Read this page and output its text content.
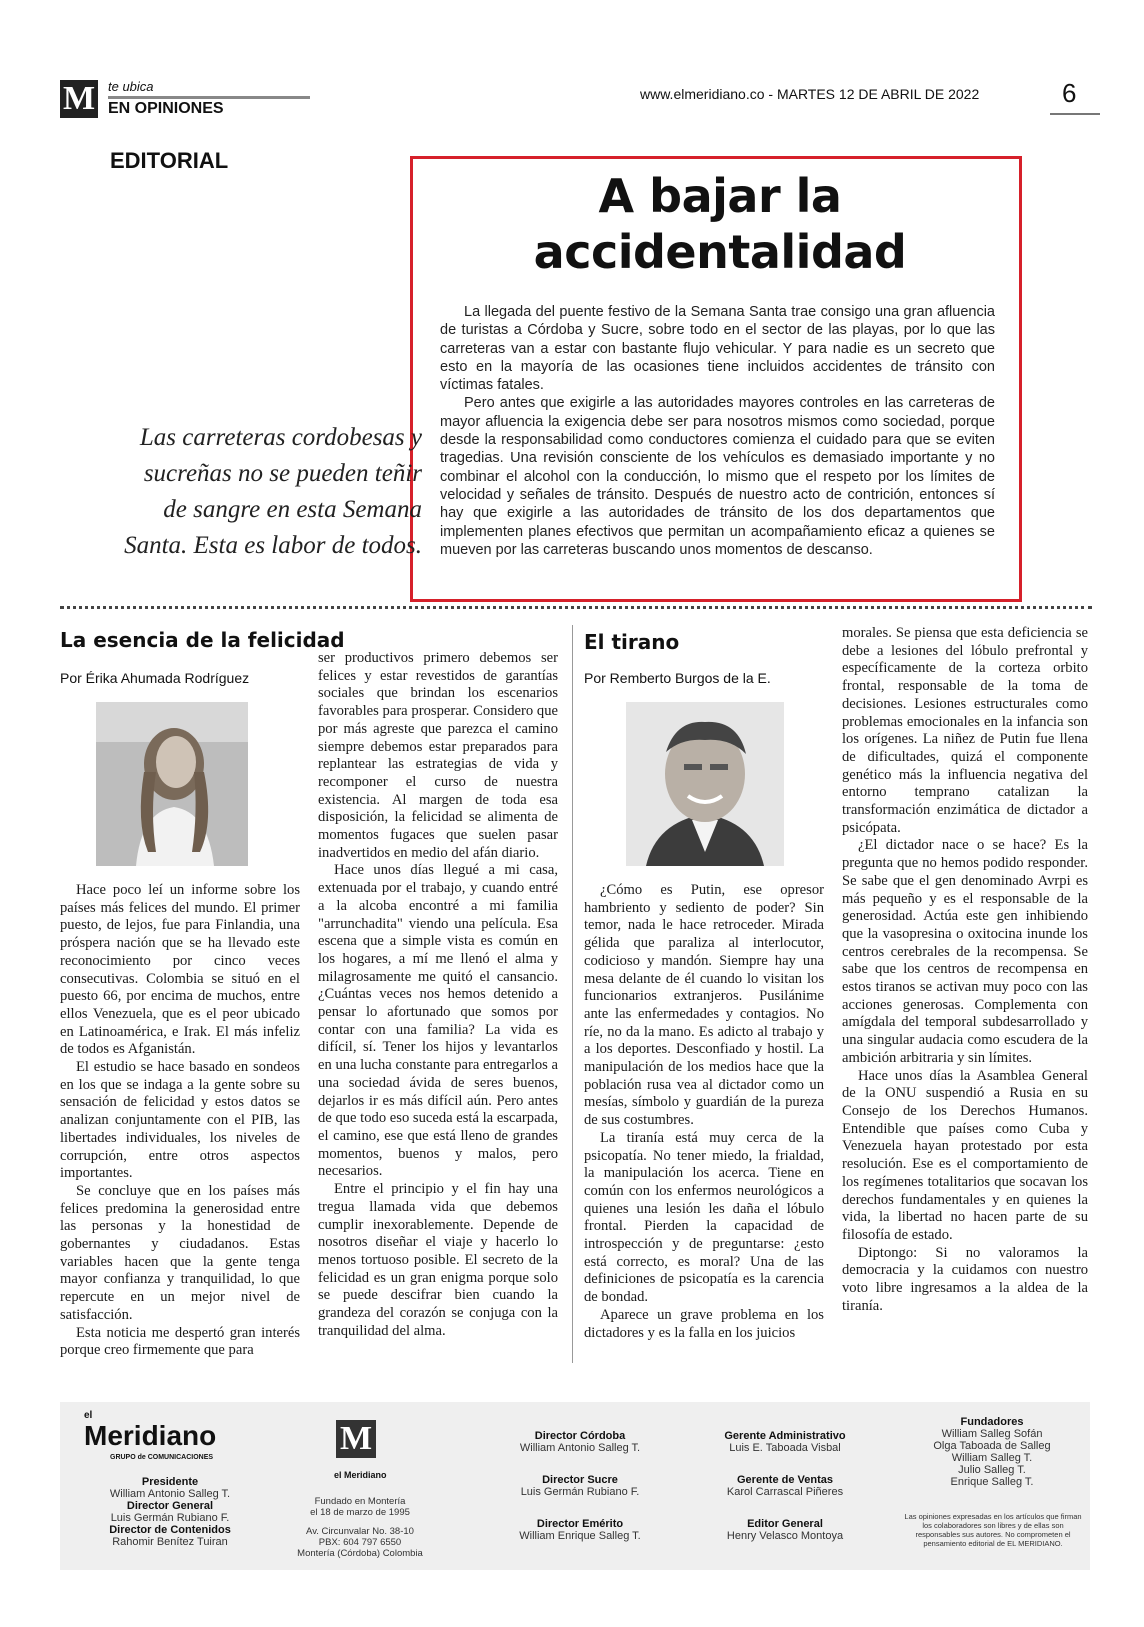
M te ubica
EN OPINIONES
www.elmeridiano.co - MARTES 12 DE ABRIL DE 2022	6
EDITORIAL
A bajar la
accidentalidad

La llegada del puente festivo de la Semana Santa trae consigo una gran afluencia de turistas a Córdoba y Sucre, sobre todo en el sector de las playas, por lo que las carreteras van a estar con bastante flujo vehicular. Y para nadie es un secreto que esto en la mayoría de las ocasiones tiene incluidos accidentes de tránsito con víctimas fatales.

Pero antes que exigirle a las autoridades mayores controles en las carreteras de mayor afluencia la exigencia debe ser para nosotros mismos como sociedad, porque desde la responsabilidad como conductores comienza el cuidado para que se eviten tragedias. Una revisión consciente de los vehículos es demasiado importante y no combinar el alcohol con la conducción, lo mismo que el respeto por los límites de velocidad y señales de tránsito. Después de nuestro acto de contrición, entonces sí hay que exigirle a las autoridades de tránsito de los dos departamentos que implementen planes efectivos que permitan un acompañamiento eficaz a quienes se mueven por las carreteras buscando unos momentos de descanso.

Las carreteras cordobesas y sucreñas no se pueden teñir de sangre en esta Semana Santa. Esta es labor de todos.
La esencia de la felicidad
Por Érika Ahumada Rodríguez

Hace poco leí un informe sobre los países más felices del mundo. El primer puesto, de lejos, fue para Finlandia, una próspera nación que se ha llevado este reconocimiento por cinco veces consecutivas. Colombia se situó en el puesto 66, por encima de muchos, entre ellos Venezuela, que es el peor ubicado en Latinoamérica, e Irak. El más infeliz de todos es Afganistán.

El estudio se hace basado en sondeos en los que se indaga a la gente sobre su sensación de felicidad y estos datos se analizan conjuntamente con el PIB, las libertades individuales, los niveles de corrupción, entre otros aspectos importantes.

Se concluye que en los países más felices predomina la generosidad entre las personas y la honestidad de gobernantes y ciudadanos. Estas variables hacen que la gente tenga mayor confianza y tranquilidad, lo que repercute en un mejor nivel de satisfacción.

Esta noticia me despertó gran interés porque creo firmemente que para

ser productivos primero debemos ser felices y estar revestidos de garantías sociales que brindan los escenarios favorables para prosperar. Considero que por más agreste que parezca el camino siempre debemos estar preparados para replantear las estrategias de vida y recomponer el curso de nuestra existencia. Al margen de toda esa disposición, la felicidad se alimenta de momentos fugaces que suelen pasar inadvertidos en medio del afán diario.

Hace unos días llegué a mi casa, extenuada por el trabajo, y cuando entré a la alcoba encontré a mi familia "arrunchadita" viendo una película. Esa escena que a simple vista es común en los hogares, a mí me llenó el alma y milagrosamente me quitó el cansancio. ¿Cuántas veces nos hemos detenido a pensar lo afortunado que somos por contar con una familia? La vida es difícil, sí. Tener los hijos y levantarlos en una lucha constante para entregarlos a una sociedad ávida de seres buenos, dejarlos ir es más difícil aún. Pero antes de que todo eso suceda está la escarpada, el camino, ese que está lleno de grandes momentos, buenos y malos, pero necesarios.

Entre el principio y el fin hay una tregua llamada vida que debemos cumplir inexorablemente. Depende de nosotros diseñar el viaje y hacerlo lo menos tortuoso posible. El secreto de la felicidad es un gran enigma porque solo se puede descifrar bien cuando la grandeza del corazón se conjuga con la tranquilidad del alma.

El tirano
Por Remberto Burgos de la E.

¿Cómo es Putin, ese opresor hambriento y sediento de poder? Sin temor, nada le hace retroceder. Mirada gélida que paraliza al interlocutor, codicioso y mandón. Siempre hay una mesa delante de él cuando lo visitan los funcionarios extranjeros. Pusilánime ante las enfermedades y contagios. No ríe, no da la mano. Es adicto al trabajo y a los deportes. Desconfiado y hostil. La manipulación de los medios hace que la población rusa vea al dictador como un mesías, símbolo y guardián de la pureza de sus costumbres.

La tiranía está muy cerca de la psicopatía. No tener miedo, la frialdad, la manipulación los acerca. Tiene en común con los enfermos neurológicos a quienes una lesión les daña el lóbulo frontal. Pierden la capacidad de introspección y de preguntarse: ¿esto está correcto, es moral? Una de las definiciones de psicopatía es la carencia de bondad.

Aparece un grave problema en los dictadores y es la falla en los juicios

morales. Se piensa que esta deficiencia se debe a lesiones del lóbulo prefrontal y específicamente de la corteza orbito frontal, responsable de la toma de decisiones. Lesiones estructurales como problemas emocionales en la infancia son los orígenes. La niñez de Putin fue llena de dificultades, quizá el componente genético más la influencia negativa del entorno temprano catalizan la transformación enzimática de dictador a psicópata.

¿El dictador nace o se hace? Es la pregunta que no hemos podido responder. Se sabe que el gen denominado Avrpi es más pequeño y es el responsable de la generosidad. Actúa este gen inhibiendo que la vasopresina o oxitocina inunde los centros cerebrales de la recompensa. Se sabe que los centros de recompensa en estos tiranos se activan muy poco con las acciones generosas. Complementa con amígdala del temporal subdesarrollado y una singular audacia como escudera de la ambición arbitraria y sin límites.

Hace unos días la Asamblea General de la ONU suspendió a Rusia en su Consejo de los Derechos Humanos. Entendible que países como Cuba y Venezuela hayan protestado por esta resolución. Ese es el comportamiento de los regímenes totalitarios que socavan los derechos fundamentales y en quienes la vida, la libertad no hacen parte de su filosofía de estado.

Diptongo: Si no valoramos la democracia y la cuidamos con nuestro voto libre ingresamos a la aldea de la tiranía.

el
Meridiano
GRUPO de COMUNICACIONES
Presidente
William Antonio Salleg T.
Director General
Luis Germán Rubiano F.
Director de Contenidos
Rahomir Benítez Tuiran
M
el Meridiano
Fundado en Montería
el 18 de marzo de 1995
Av. Circunvalar No. 38-10
PBX: 604 797 6550
Montería (Córdoba) Colombia
Director Córdoba
William Antonio Salleg T.
Director Sucre
Luis Germán Rubiano F.
Director Emérito
William Enrique Salleg T.
Gerente Administrativo
Luis E. Taboada Visbal
Gerente de Ventas
Karol Carrascal Piñeres
Editor General
Henry Velasco Montoya
Fundadores
William Salleg Sofán
Olga Taboada de Salleg
William Salleg T.
Julio Salleg T.
Enrique Salleg T.
Las opiniones expresadas en los artículos que firman los colaboradores son libres y de ellas son responsables sus autores. No comprometen el pensamiento editorial de EL MERIDIANO.
